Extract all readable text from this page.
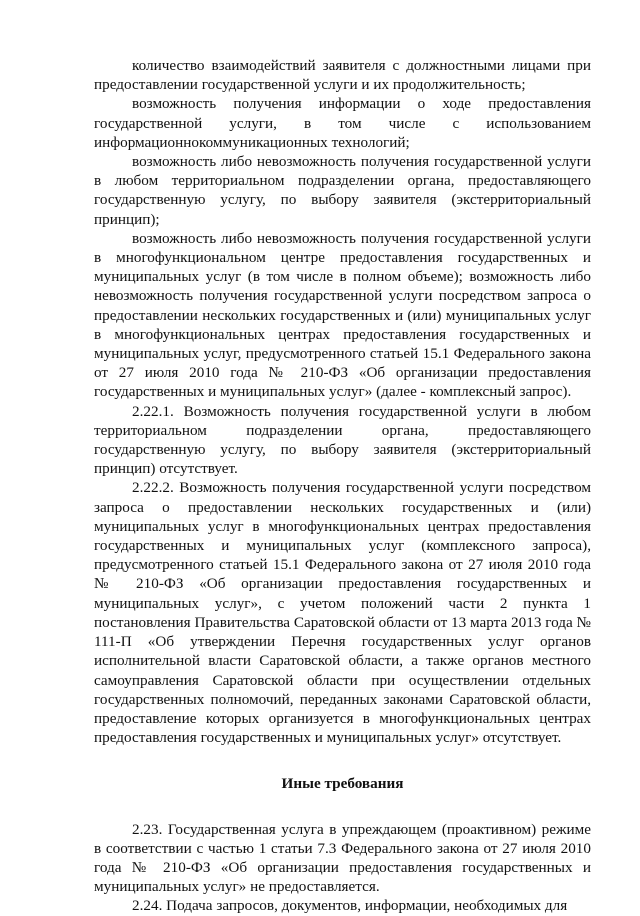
количество взаимодействий заявителя с должностными лицами при предоставлении государственной услуги и их продолжительность;

возможность получения информации о ходе предоставления государственной услуги, в том числе с использованием информационнокоммуникационных технологий;

возможность либо невозможность получения государственной услуги в любом территориальном подразделении органа, предоставляющего государственную услугу, по выбору заявителя (экстерриториальный принцип);

возможность либо невозможность получения государственной услуги в многофункциональном центре предоставления государственных и муниципальных услуг (в том числе в полном объеме); возможность либо невозможность получения государственной услуги посредством запроса о предоставлении нескольких государственных и (или) муниципальных услуг в многофункциональных центрах предоставления государственных и муниципальных услуг, предусмотренного статьей 15.1 Федерального закона от 27 июля 2010 года № 210-ФЗ «Об организации предоставления государственных и муниципальных услуг» (далее - комплексный запрос).

2.22.1. Возможность получения государственной услуги в любом территориальном подразделении органа, предоставляющего государственную услугу, по выбору заявителя (экстерриториальный принцип) отсутствует.

2.22.2. Возможность получения государственной услуги посредством запроса о предоставлении нескольких государственных и (или) муниципальных услуг в многофункциональных центрах предоставления государственных и муниципальных услуг (комплексного запроса), предусмотренного статьей 15.1 Федерального закона от 27 июля 2010 года № 210-ФЗ «Об организации предоставления государственных и муниципальных услуг», с учетом положений части 2 пункта 1 постановления Правительства Саратовской области от 13 марта 2013 года № 111-П «Об утверждении Перечня государственных услуг органов исполнительной власти Саратовской области, а также органов местного самоуправления Саратовской области при осуществлении отдельных государственных полномочий, переданных законами Саратовской области, предоставление которых организуется в многофункциональных центрах предоставления государственных и муниципальных услуг» отсутствует.

Иные требования

2.23. Государственная услуга в упреждающем (проактивном) режиме в соответствии с частью 1 статьи 7.3 Федерального закона от 27 июля 2010 года № 210-ФЗ «Об организации предоставления государственных и муниципальных услуг» не предоставляется.

2.24. Подача запросов, документов, информации, необходимых для
